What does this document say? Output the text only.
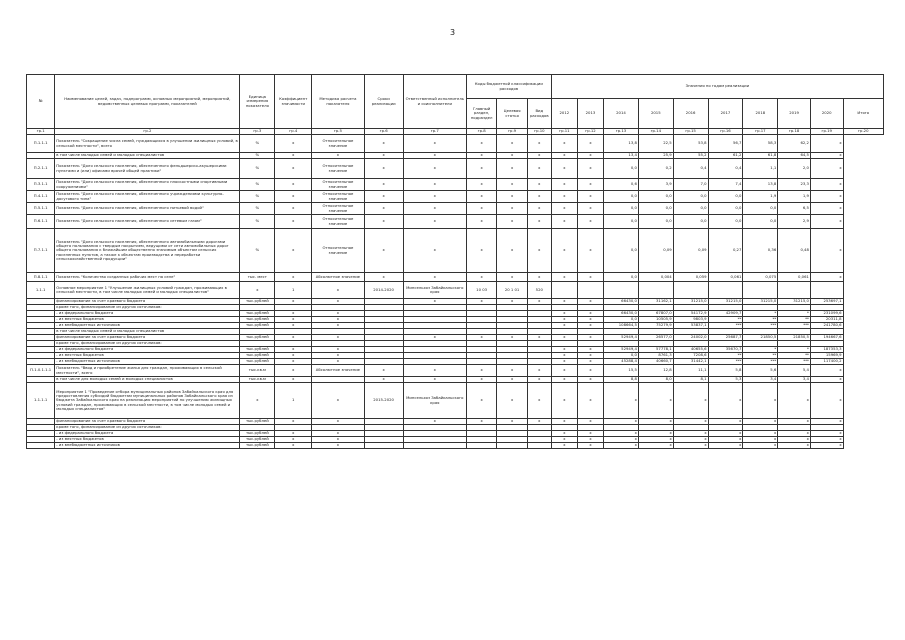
3
№	Наименование целей, задач, подпрограмм, основных мероприятий, мероприятий, ведомственных целевых программ, показателей	Единица измерения показателя	Коэффициент значимости	Методика расчета показателя	Сроки реализации	Ответственный исполнитель и соисполнители	Коды бюджетной классификации расходов			Значения по годам реализации									
							Главный раздел, подраздел	Целевая статья	Вид расходов	2012	2013	2014	2015	2016	2017	2018	2019	2020	Итого
гр.1	гр.2	гр.3	гр.4	гр.5	гр.6	гр.7	гр.8	гр.9	гр.10	гр.11	гр.12	гр.13	гр.14	гр.15	гр.16	гр.17	гр.18	гр.19	гр.20
П.1.1.1	Показатель "Сокращение числа семей, нуждающихся в улучшении жилищных условий, в сельской местности", всего	%	х	Относительное значение	х	х	х	х	х	х	х	13,8	22,5	53,8	56,7	58,3	62,2	х	
	в том числе молодых семей и молодых специалистов	%	х	х	х	х	х	х	х	х	х	13,4	25,9	55,2	61,2	61,8	64,5	х	
П.2.1.1	Показатель "Доля сельского населения, обеспеченного фельдшерско-акушерскими пунктами и (или) офисами врачей общей практики"	%	х	Относительное значение	х	х	х	х	х	х	х	0,0	0,2	0,4	0,4	1,1	2,0	х	
П.3.1.1	Показатель "Доля сельского населения, обеспеченного плоскостными спортивными сооружениями"	%	х	Относительное значение	х	х	х	х	х	х	х	0,6	3,9	7,0	7,4	13,8	23,3	х	
П.4.1.1	Показатель "Доля сельского населения, обеспеченного учреждениями культурно-досугового типа"	%	х	Относительное значение	х	х	х	х	х	х	х	0,0	0,0	0,0	0,0	1,9	1,9	х	
П.5.1.1	Показатель "Доля сельского населения, обеспеченного питьевой водой"	%	х	Относительное значение	х	х	х	х	х	х	х	0,0	0,0	0,0	0,0	0,0	6,5	х	
П.6.1.1	Показатель "Доля сельского населения, обеспеченного сетевым газом"	%	х	Относительное значение	х	х	х	х	х	х	х	0,0	0,0	0,0	0,0	0,0	2,9	х	
П.7.1.1	Показатель "Доля сельского населения, обеспеченного автомобильными дорогами общего пользования с твердым покрытием, ведущими от сети автомобильных дорог общего пользования к ближайшим общественно значимым объектам сельских населенных пунктов, а также к объектам производства и переработки сельскохозяйственной продукции"	%	х	Относительное значение	х	х	х	х	х	х	х	0,0	0,09	0,09	0,27	0,36	0,48	х	
П.8.1.1	Показатель "Количество созданных рабочих мест на селе"	тыс. мест	х	Абсолютное значение	х	х	х	х	х	х	х	0,0	0,004	0,059	0,061	0,075	0,061	х	
1.1.1	Основное мероприятие 1 "Улучшение жилищных условий граждан, проживающих в сельской местности, в том числе молодых семей и молодых специалистов"	х	1	х	2014-2020	Минсельхоз Забайкальского края	10 03	20 1 01	520										
	финансирование за счет краевого бюджета	тыс.рублей	х	х		х	х	х	х	х	х	66430,0	31162,1	31215,0	31215,0	31215,0	31215,0	253697,1	
	кроме того, финансирование из других источников:																		
	- из федерального бюджета	тыс.рублей	х	х						х	х	66430,0	67807,0	54172,9	42909,7	*	*	231099,6	
	- из местных бюджетов	тыс.рублей	х	х						х	х	0,0	10505,9	9803,9	**	**	**	20311,8	
	- из внебюджетных источников	тыс.рублей	х	х						х	х	108664,5	75279,9	53837,1	***	***	***	241780,6	
	в том числе молодых семей и молодых специалистов																		
	финансирование за счет краевого бюджета	тыс.рублей	х	х		х	х	х	х	х	х	52949,4	26577,0	24002,0	25687,7	21850,5	21850,5	194667,6	
	кроме того, финансирование из других источников:																		
	- из федерального бюджета	тыс.рублей	х	х						х	х	52949,4	57778,1	40655,6	35670,7	*	*	187353,3	
	- из местных бюджетов	тыс.рублей	х	х						х	х	0,0	8761,3	7208,6	**	**	**	15969,9	
	- из внебюджетных источников	тыс.рублей	х	х						х	х	45288,4	40660,7	31442,1	***	***	***	117400,2	
П.1.0.1.1.1	Показатель "Ввод и приобретение жилья для граждан, проживающих в сельской местности", всего	тыс.кв.м	х	Абсолютное значение	х	х	х	х	х	х	х	15,5	12,8	11,1	5,8	5,6	5,4	х	
	в том числе для молодых семей и молодых специалистов	тыс.кв.м	х		х	х	х	х	х	х	х	8,8	8,0	8,1	5,3	3,4	3,4	х	
1.1.1.1	Мероприятие 1 "Проведение отбора муниципальных районов Забайкальского края для предоставления субсидий бюджетам муниципальных районов Забайкальского края из бюджета Забайкальского края на реализацию мероприятий по улучшению жилищных условий граждан, проживающих в сельской местности, в том числе молодых семей и молодых специалистов"	х	1	х	2015-2020	Минсельхоз Забайкальского края	х	х	х	х	х	х	х	х	х	х	х	х	
	финансирование за счет краевого бюджета	тыс.рублей	х	х		х	х	х	х	х	х	х	х	х	х	х	х	х	
	кроме того, финансирование из других источников:																		
	- из федерального бюджета	тыс.рублей	х	х						х	х	х	х	х	х	х	х	х	
	- из местных бюджетов	тыс.рублей	х	х						х	х	х	х	х	х	х	х	х	
	- из внебюджетных источников	тыс.рублей	х	х						х	х	х	х	х	х	х	х	х	
